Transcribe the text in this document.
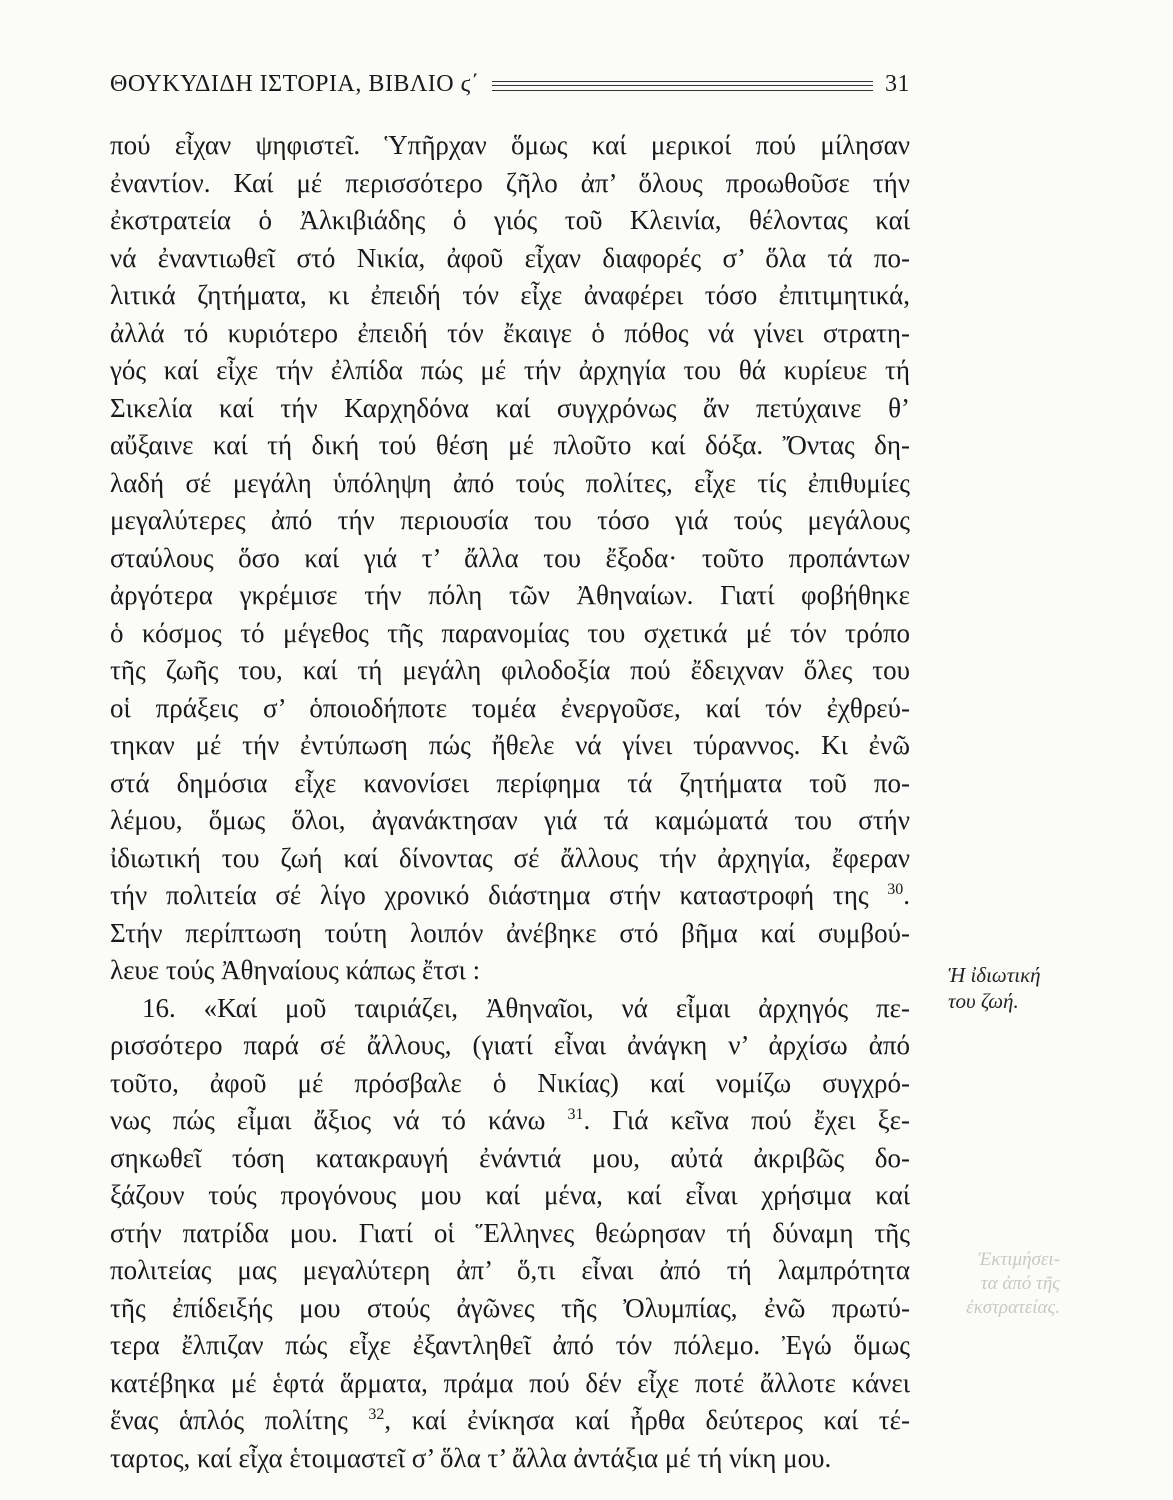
ΘΟΥΚΥΔΙΔΗ ΙΣΤΟΡΙΑ, ΒΙΒΛΙΟ ϛ΄	31
πού εἶχαν ψηφιστεῖ. Ὑπῆρχαν ὅμως καί μερικοί πού μίλησαν
ἐναντίον. Καί μέ περισσότερο ζῆλο ἀπ’ ὅλους προωθοῦσε τήν
ἐκστρατεία ὁ Ἀλκιβιάδης ὁ γιός τοῦ Κλεινία, θέλοντας καί
νά ἐναντιωθεῖ στό Νικία, ἀφοῦ εἶχαν διαφορές σ’ ὅλα τά πο-
λιτικά ζητήματα, κι ἐπειδή τόν εἶχε ἀναφέρει τόσο ἐπιτιμητικά,
ἀλλά τό κυριότερο ἐπειδή τόν ἔκαιγε ὁ πόθος νά γίνει στρατη-
γός καί εἶχε τήν ἐλπίδα πώς μέ τήν ἀρχηγία του θά κυρίευε τή
Σικελία καί τήν Καρχηδόνα καί συγχρόνως ἄν πετύχαινε θ’
αὔξαινε καί τή δική τού θέση μέ πλοῦτο καί δόξα. Ὄντας δη-
λαδή σέ μεγάλη ὑπόληψη ἀπό τούς πολίτες, εἶχε τίς ἐπιθυμίες
μεγαλύτερες ἀπό τήν περιουσία του τόσο γιά τούς μεγάλους
σταύλους ὅσο καί γιά τ’ ἄλλα του ἔξοδα· τοῦτο προπάντων
ἀργότερα γκρέμισε τήν πόλη τῶν Ἀθηναίων. Γιατί φοβήθηκε
ὁ κόσμος τό μέγεθος τῆς παρανομίας του σχετικά μέ τόν τρόπο
τῆς ζωῆς του, καί τή μεγάλη φιλοδοξία πού ἔδειχναν ὅλες του
οἱ πράξεις σ’ ὁποιοδήποτε τομέα ἐνεργοῦσε, καί τόν ἐχθρεύ-
τηκαν μέ τήν ἐντύπωση πώς ἤθελε νά γίνει τύραννος. Κι ἐνῶ
στά δημόσια εἶχε κανονίσει περίφημα τά ζητήματα τοῦ πο-
λέμου, ὅμως ὅλοι, ἀγανάκτησαν γιά τά καμώματά του στήν
ἰδιωτική του ζωή καί δίνοντας σέ ἄλλους τήν ἀρχηγία, ἔφεραν
τήν πολιτεία σέ λίγο χρονικό διάστημα στήν καταστροφή της $^{30}$.
Στήν περίπτωση τούτη λοιπόν ἀνέβηκε στό βῆμα καί συμβού-
λευε τούς Ἀθηναίους κάπως ἔτσι :
16. «Καί μοῦ ταιριάζει, Ἀθηναῖοι, νά εἶμαι ἀρχηγός πε-
ρισσότερο παρά σέ ἄλλους, (γιατί εἶναι ἀνάγκη ν’ ἀρχίσω ἀπό
τοῦτο, ἀφοῦ μέ πρόσβαλε ὁ Νικίας) καί νομίζω συγχρό-
νως πώς εἶμαι ἄξιος νά τό κάνω $^{31}$. Γιά κεῖνα πού ἔχει ξε-
σηκωθεῖ τόση κατακραυγή ἐνάντιά μου, αὐτά ἀκριβῶς δο-
ξάζουν τούς προγόνους μου καί μένα, καί εἶναι χρήσιμα καί
στήν πατρίδα μου. Γιατί οἱ Ἕλληνες θεώρησαν τή δύναμη τῆς
πολιτείας μας μεγαλύτερη ἀπ’ ὅ,τι εἶναι ἀπό τή λαμπρότητα
τῆς ἐπίδειξής μου στούς ἀγῶνες τῆς Ὀλυμπίας, ἐνῶ πρωτύ-
τερα ἔλπιζαν πώς εἶχε ἐξαντληθεῖ ἀπό τόν πόλεμο. Ἐγώ ὅμως
κατέβηκα μέ ἑφτά ἅρματα, πράμα πού δέν εἶχε ποτέ ἄλλοτε κάνει
ἕνας ἁπλός πολίτης $^{32}$, καί ἐνίκησα καί ἦρθα δεύτερος καί τέ-
ταρτος, καί εἶχα ἑτοιμαστεῖ σ’ ὅλα τ’ ἄλλα ἀντάξια μέ τή νίκη μου.
Ἡ ἰδιωτική
του ζωή.
Ἐκτιμήσει-
τα ἀπό τῆς
ἐκστρατείας.
